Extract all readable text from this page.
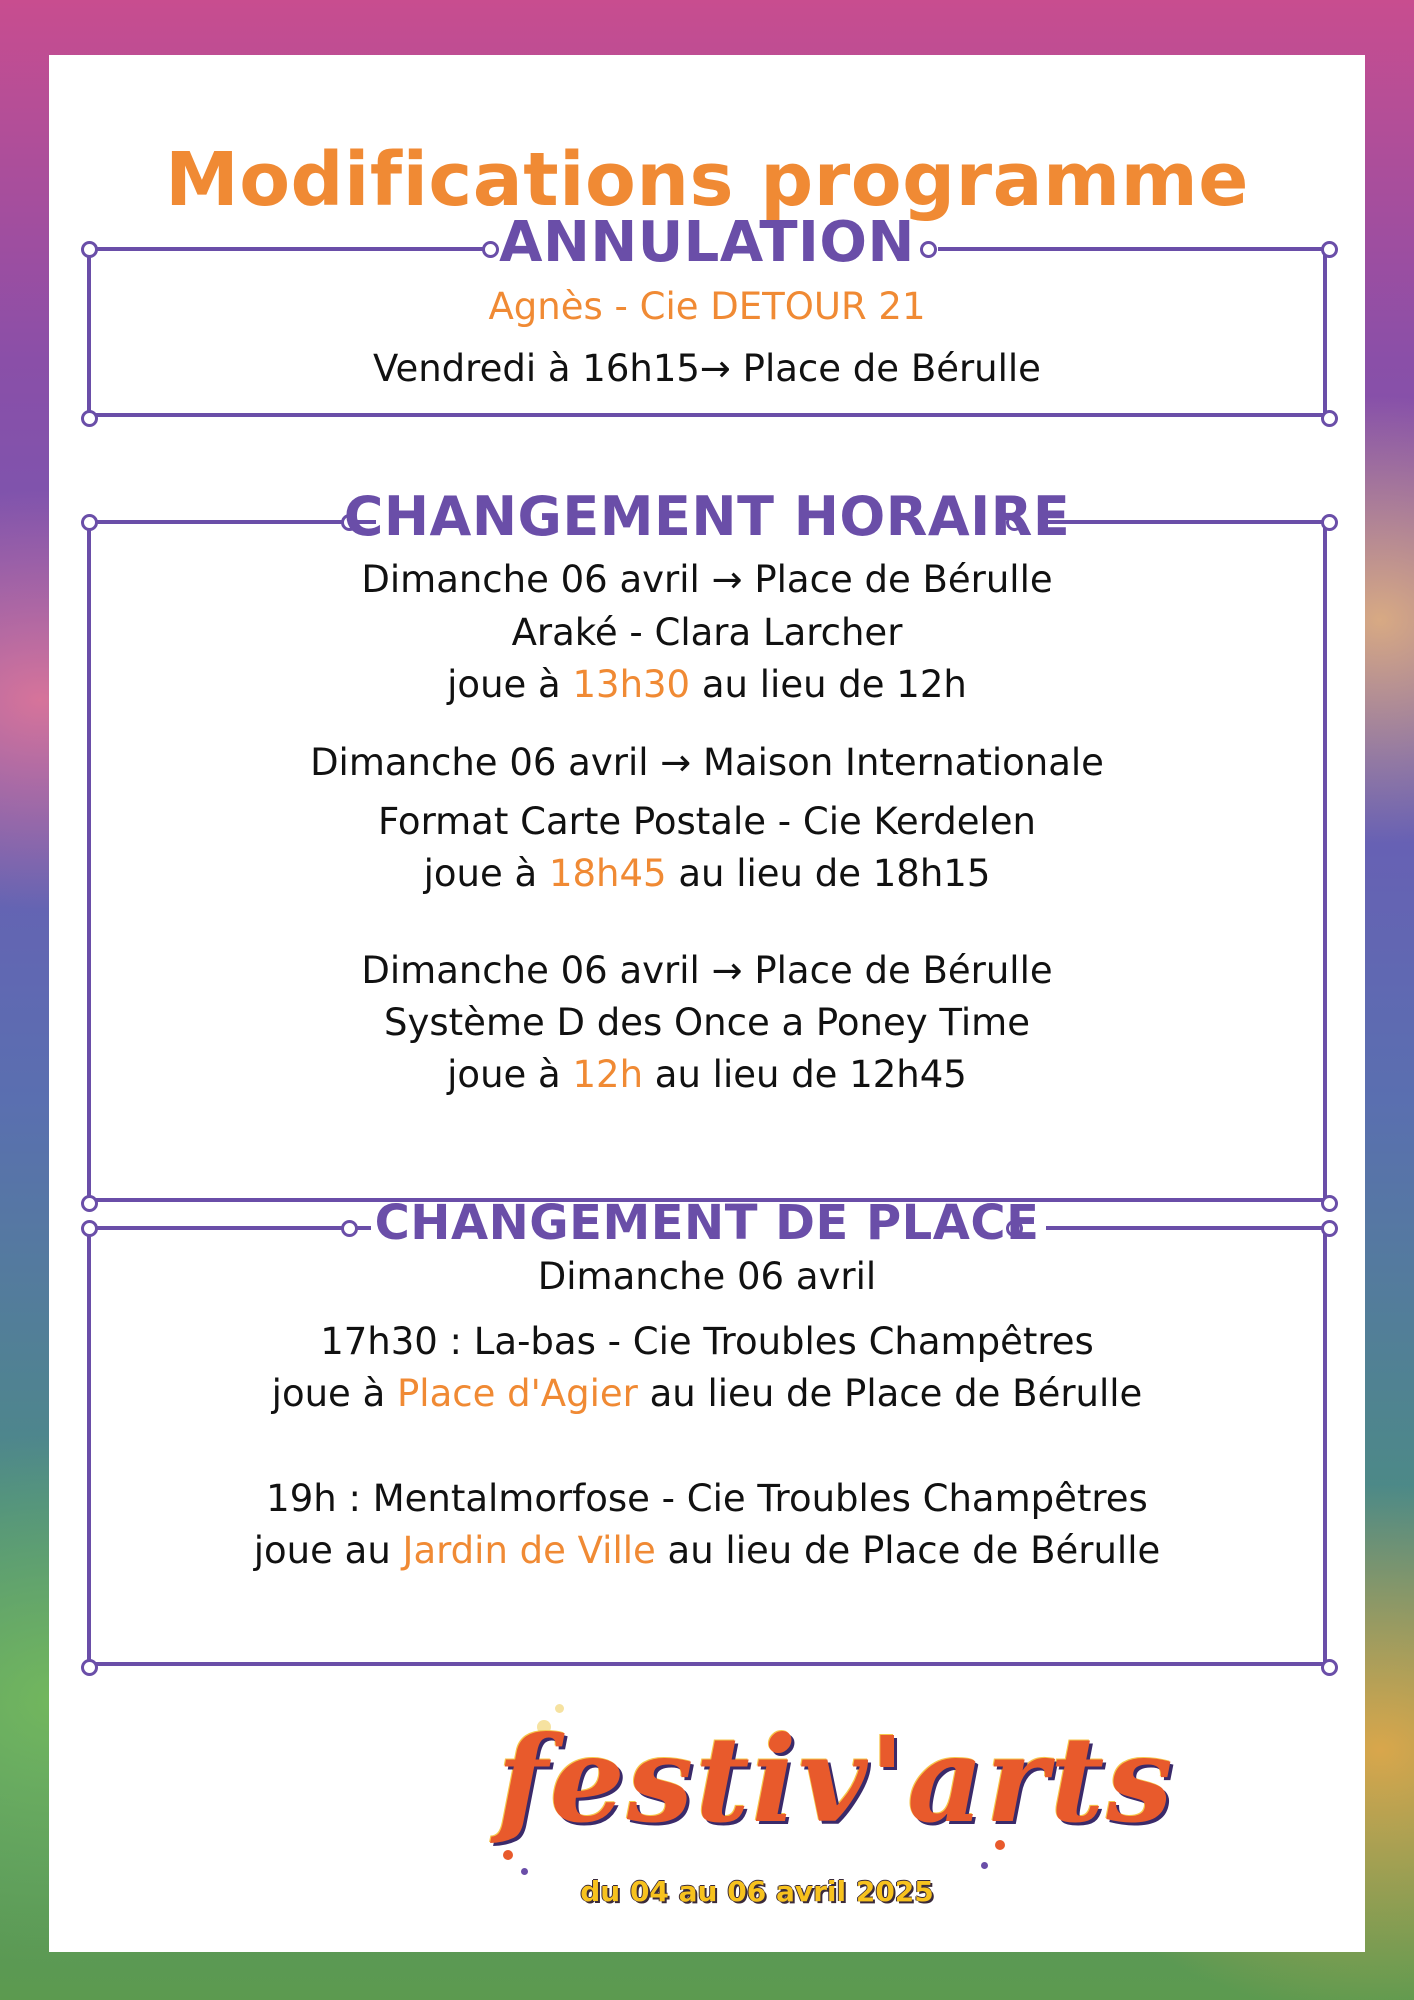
Modifications programme
ANNULATION
Agnès - Cie DETOUR 21
Vendredi à 16h15→ Place de Bérulle
CHANGEMENT HORAIRE
Dimanche 06 avril → Place de Bérulle
Araké - Clara Larcher
joue à 13h30 au lieu de 12h
Dimanche 06 avril → Maison Internationale
Format Carte Postale - Cie Kerdelen
joue à 18h45 au lieu de 18h15
Dimanche 06 avril → Place de Bérulle
Système D des Once a Poney Time
joue à 12h au lieu de 12h45
CHANGEMENT DE PLACE
Dimanche 06 avril
17h30 : La-bas - Cie Troubles Champêtres
joue à Place d'Agier au lieu de Place de Bérulle
19h : Mentalmorfose - Cie Troubles Champêtres
joue au Jardin de Ville au lieu de Place de Bérulle
festiv'arts
du 04 au 06 avril 2025
